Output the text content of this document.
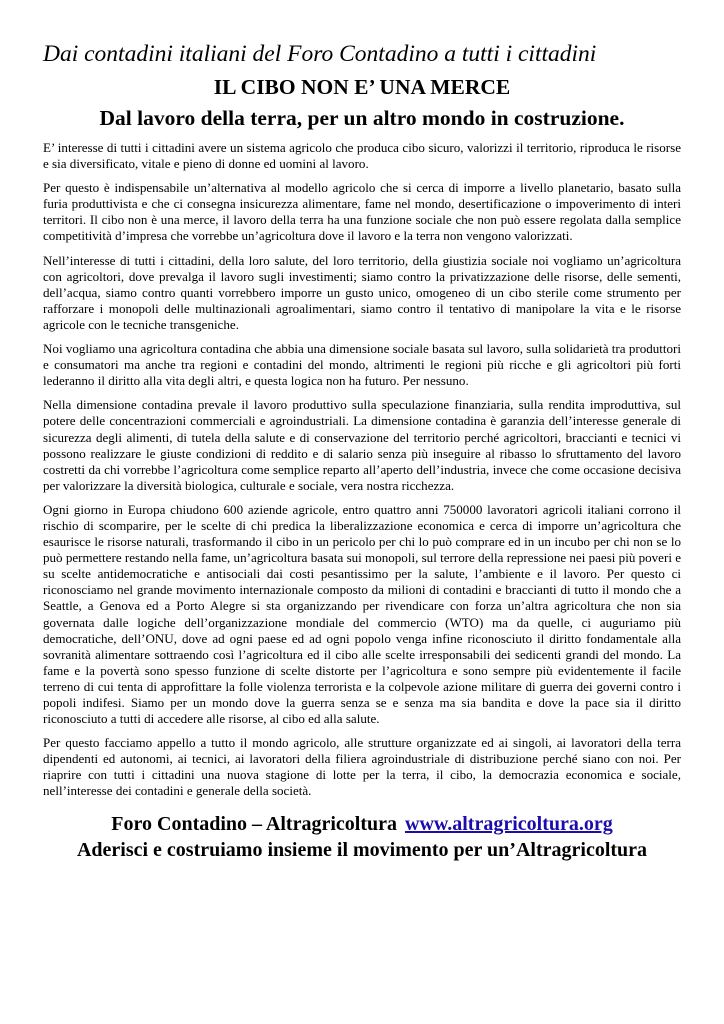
Dai contadini italiani del Foro Contadino a tutti i cittadini

IL CIBO NON E’ UNA MERCE
Dal lavoro della terra, per un altro mondo in costruzione.

E’ interesse di tutti i cittadini avere un sistema agricolo che produca cibo sicuro, valorizzi il territorio, riproduca le risorse e sia diversificato, vitale e pieno di donne ed uomini al lavoro.

Per questo è indispensabile un’alternativa al modello agricolo che si cerca di imporre a livello planetario, basato sulla furia produttivista e che ci consegna insicurezza alimentare, fame nel mondo, desertificazione o impoverimento di interi territori. Il cibo non è una merce, il lavoro della terra ha una funzione sociale che non può essere regolata dalla semplice competitività d’impresa che vorrebbe un’agricoltura dove il lavoro e la terra non vengono valorizzati.

Nell’interesse di tutti i cittadini, della loro salute, del loro territorio, della giustizia sociale noi vogliamo un’agricoltura con agricoltori, dove prevalga il lavoro sugli investimenti; siamo contro la privatizzazione delle risorse, delle sementi, dell’acqua, siamo contro quanti vorrebbero imporre un gusto unico, omogeneo di un cibo sterile come strumento per rafforzare i monopoli delle multinazionali agroalimentari, siamo contro il tentativo di manipolare la vita e le risorse agricole con le tecniche transgeniche.

Noi vogliamo una agricoltura contadina che abbia una dimensione sociale basata sul lavoro, sulla solidarietà tra produttori e consumatori ma anche tra regioni e contadini del mondo, altrimenti le regioni più ricche e gli agricoltori più forti lederanno il diritto alla vita degli altri, e questa logica non ha futuro. Per nessuno.

Nella dimensione contadina prevale il lavoro produttivo sulla speculazione finanziaria, sulla rendita improduttiva, sul potere delle concentrazioni commerciali e agroindustriali. La dimensione contadina è garanzia dell’interesse generale di sicurezza degli alimenti, di tutela della salute e di conservazione del territorio perché agricoltori, braccianti e tecnici vi possono realizzare le giuste condizioni di reddito e di salario senza più inseguire al ribasso lo sfruttamento del lavoro costretti da chi vorrebbe l’agricoltura come semplice reparto all’aperto dell’industria, invece che come occasione decisiva per valorizzare la diversità biologica, culturale e sociale, vera nostra ricchezza.

Ogni giorno in Europa chiudono 600 aziende agricole, entro quattro anni 750000 lavoratori agricoli italiani corrono il rischio di scomparire, per le scelte di chi predica la liberalizzazione economica e cerca di imporre un’agricoltura che esaurisce le risorse naturali, trasformando il cibo in un pericolo per chi lo può comprare ed in un incubo per chi non se lo può permettere restando nella fame, un’agricoltura basata sui monopoli, sul terrore della repressione nei paesi più poveri e su scelte antidemocratiche e antisociali dai costi pesantissimo per la salute, l’ambiente e il lavoro. Per questo ci riconosciamo nel grande movimento internazionale composto da milioni di contadini e braccianti di tutto il mondo che a Seattle, a Genova ed a Porto Alegre si sta organizzando per rivendicare con forza un’altra agricoltura che non sia governata dalle logiche dell’organizzazione mondiale del commercio (WTO) ma da quelle, ci auguriamo più democratiche, dell’ONU, dove ad ogni paese ed ad ogni popolo venga infine riconosciuto il diritto fondamentale alla sovranità alimentare sottraendo così l’agricoltura ed il cibo alle scelte irresponsabili dei sedicenti grandi del mondo. La fame e la povertà sono spesso funzione di scelte distorte per l’agricoltura e sono sempre più evidentemente il facile terreno di cui tenta di approfittare la folle violenza terrorista e la colpevole azione militare di guerra dei governi contro i popoli indifesi. Siamo per un mondo dove la guerra senza se e senza ma sia bandita e dove la pace sia il diritto riconosciuto a tutti di accedere alle risorse, al cibo ed alla salute.

Per questo facciamo appello a tutto il mondo agricolo, alle strutture organizzate ed ai singoli, ai lavoratori della terra dipendenti ed autonomi, ai tecnici, ai lavoratori della filiera agroindustriale di distribuzione perché siano con noi. Per riaprire con tutti i cittadini una nuova stagione di lotte per la terra, il cibo, la democrazia economica e sociale, nell’interesse dei contadini e generale della società.

Foro Contadino – Altragricoltura www.altragricoltura.org
Aderisci e costruiamo insieme il movimento per un’Altragricoltura
